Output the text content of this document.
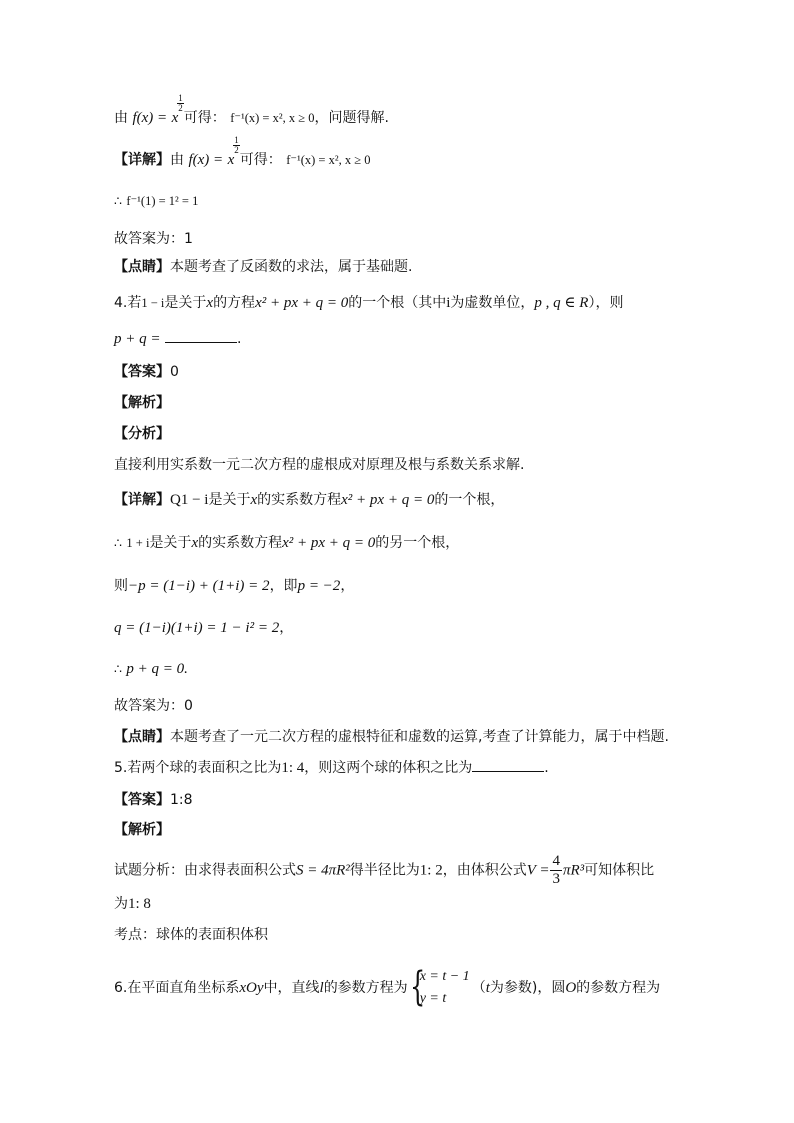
由 f(x) = x
$\frac{1}{2}$
可得： f⁻¹(x) = x², x ≥ 0，问题得解.
【详解】由 f(x) = x
$\frac{1}{2}$
可得： f⁻¹(x) = x², x ≥ 0
∴ f⁻¹(1) = 1² = 1
故答案为：1
【点睛】本题考查了反函数的求法，属于基础题.
4.若1 − i是关于x的方程x² + px + q = 0的一个根（其中i为虚数单位，p , q ∈ R），则
p + q =	.
【答案】0
【解析】
【分析】
直接利用实系数一元二次方程的虚根成对原理及根与系数关系求解.
【详解】Q1 − i是关于x的实系数方程x² + px + q = 0的一个根，
∴ 1 + i是关于x的实系数方程x² + px + q = 0的另一个根，
则−p = (1−i) + (1+i) = 2，即p = −2，
q = (1−i)(1+i) = 1 − i² = 2，
∴ p + q = 0.
故答案为：0
【点睛】本题考查了一元二次方程的虚根特征和虚数的运算,考查了计算能力，属于中档题.
5.若两个球的表面积之比为1: 4，则这两个球的体积之比为	.
【答案】1:8
【解析】
试题分析：由求得表面积公式S = 4πR²得半径比为1: 2，由体积公式$V = \frac{4}{3} \pi R^3$可知体积比
为1: 8
考点：球体的表面积体积
6.在平面直角坐标系xOy中，直线l的参数方程为 {
x = t − 1
y = t
（t为参数)，圆O的参数方程为
